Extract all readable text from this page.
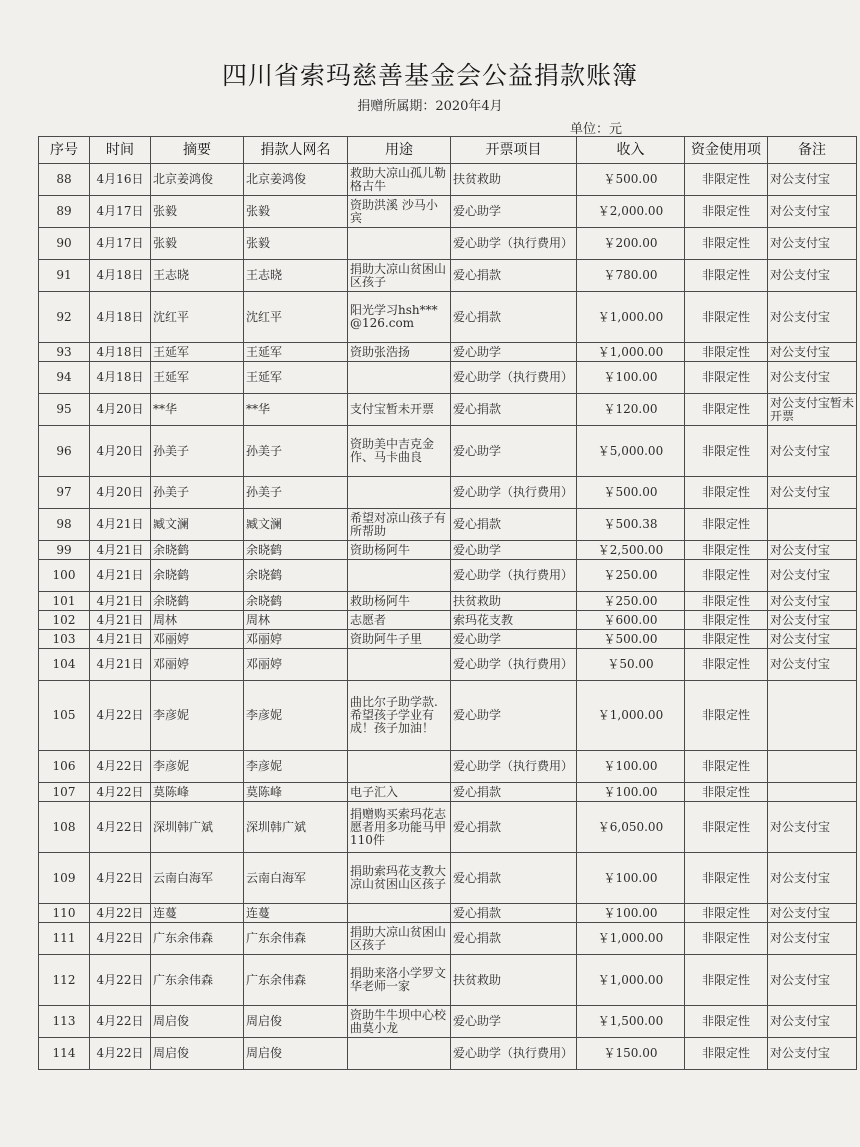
四川省索玛慈善基金会公益捐款账簿
捐赠所属期：2020年4月
单位：元
序号	时间	摘要	捐款人网名	用途	开票项目	收入	资金使用项	备注
88	4月16日	北京姜鸿俊	北京姜鸿俊	救助大凉山孤儿勒格古牛	扶贫救助	￥500.00	非限定性	对公支付宝
89	4月17日	张毅	张毅	资助洪溪 沙马小宾	爱心助学	￥2,000.00	非限定性	对公支付宝
90	4月17日	张毅	张毅		爱心助学（执行费用）	￥200.00	非限定性	对公支付宝
91	4月18日	王志晓	王志晓	捐助大凉山贫困山区孩子	爱心捐款	￥780.00	非限定性	对公支付宝
92	4月18日	沈红平	沈红平	阳光学习hsh***@126.com	爱心捐款	￥1,000.00	非限定性	对公支付宝
93	4月18日	王延军	王延军	资助张浩扬	爱心助学	￥1,000.00	非限定性	对公支付宝
94	4月18日	王延军	王延军		爱心助学（执行费用）	￥100.00	非限定性	对公支付宝
95	4月20日	**华	**华	支付宝暂未开票	爱心捐款	￥120.00	非限定性	对公支付宝暂未开票
96	4月20日	孙美子	孙美子	资助美中吉克金作、马卡曲良	爱心助学	￥5,000.00	非限定性	对公支付宝
97	4月20日	孙美子	孙美子		爱心助学（执行费用）	￥500.00	非限定性	对公支付宝
98	4月21日	臧文澜	臧文澜	希望对凉山孩子有所帮助	爱心捐款	￥500.38	非限定性	
99	4月21日	余晓鹤	余晓鹤	资助杨阿牛	爱心助学	￥2,500.00	非限定性	对公支付宝
100	4月21日	余晓鹤	余晓鹤		爱心助学（执行费用）	￥250.00	非限定性	对公支付宝
101	4月21日	余晓鹤	余晓鹤	救助杨阿牛	扶贫救助	￥250.00	非限定性	对公支付宝
102	4月21日	周林	周林	志愿者	索玛花支教	￥600.00	非限定性	对公支付宝
103	4月21日	邓丽婷	邓丽婷	资助阿牛子里	爱心助学	￥500.00	非限定性	对公支付宝
104	4月21日	邓丽婷	邓丽婷		爱心助学（执行费用）	￥50.00	非限定性	对公支付宝
105	4月22日	李彦妮	李彦妮	曲比尔子助学款.希望孩子学业有成！孩子加油！	爱心助学	￥1,000.00	非限定性	
106	4月22日	李彦妮	李彦妮		爱心助学（执行费用）	￥100.00	非限定性	
107	4月22日	莫陈峰	莫陈峰	电子汇入	爱心捐款	￥100.00	非限定性	
108	4月22日	深圳韩广斌	深圳韩广斌	捐赠购买索玛花志愿者用多功能马甲110件	爱心捐款	￥6,050.00	非限定性	对公支付宝
109	4月22日	云南白海军	云南白海军	捐助索玛花支教大凉山贫困山区孩子	爱心捐款	￥100.00	非限定性	对公支付宝
110	4月22日	连蔓	连蔓		爱心捐款	￥100.00	非限定性	对公支付宝
111	4月22日	广东余伟森	广东余伟森	捐助大凉山贫困山区孩子	爱心捐款	￥1,000.00	非限定性	对公支付宝
112	4月22日	广东余伟森	广东余伟森	捐助来洛小学罗文华老师一家	扶贫救助	￥1,000.00	非限定性	对公支付宝
113	4月22日	周启俊	周启俊	资助牛牛坝中心校 曲莫小龙	爱心助学	￥1,500.00	非限定性	对公支付宝
114	4月22日	周启俊	周启俊		爱心助学（执行费用）	￥150.00	非限定性	对公支付宝
